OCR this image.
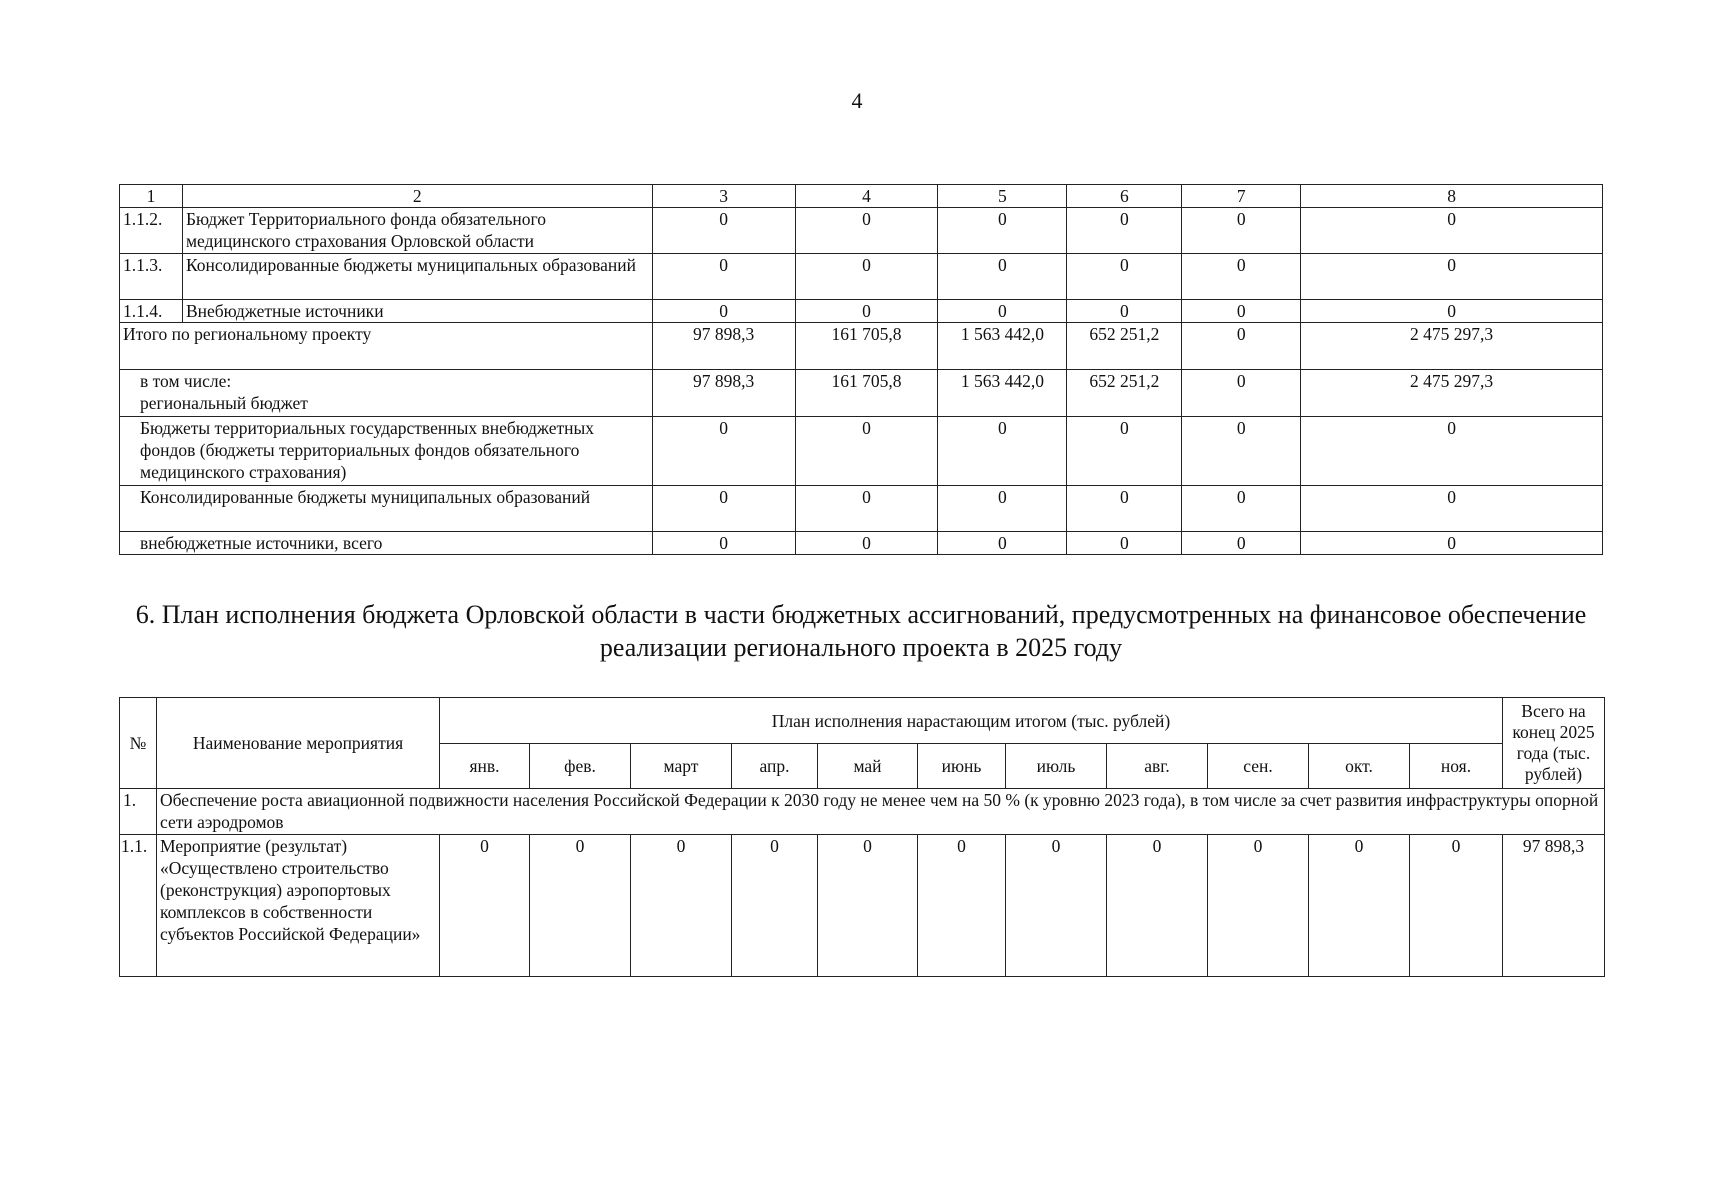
4
1	2	3	4	5	6	7	8
1.1.2.	Бюджет Территориального фонда обязательного медицинского страхования Орловской области	0	0	0	0	0	0
1.1.3.	Консолидированные бюджеты муниципальных образований	0	0	0	0	0	0
1.1.4.	Внебюджетные источники	0	0	0	0	0	0
Итого по региональному проекту		97 898,3	161 705,8	1 563 442,0	652 251,2	0	2 475 297,3

в том числе:
региональный бюджет		97 898,3	161 705,8	1 563 442,0	652 251,2	0	2 475 297,3
Бюджеты территориальных государственных внебюджетных фондов (бюджеты территориальных фондов обязательного медицинского страхования)		0	0	0	0	0	0
Консолидированные бюджеты муниципальных образований		0	0	0	0	0	0
внебюджетные источники, всего		0	0	0	0	0	0
6. План исполнения бюджета Орловской области в части бюджетных ассигнований, предусмотренных на финансовое обеспечение реализации регионального проекта в 2025 году
№	Наименование мероприятия	План исполнения нарастающим итогом (тыс. рублей)											Всего на конец 2025 года (тыс. рублей)
		янв.	фев.	март	апр.	май	июнь	июль	авг.	сен.	окт.	ноя.	
1.	Обеспечение роста авиационной подвижности населения Российской Федерации к 2030 году не менее чем на 50 % (к уровню 2023 года), в том числе за счет развития инфраструктуры опорной сети аэродромов												
1.1.	Мероприятие (результат) «Осуществлено строительство (реконструкция) аэропортовых комплексов в собственности субъектов Российской Федерации»	0	0	0	0	0	0	0	0	0	0	0	97 898,3
